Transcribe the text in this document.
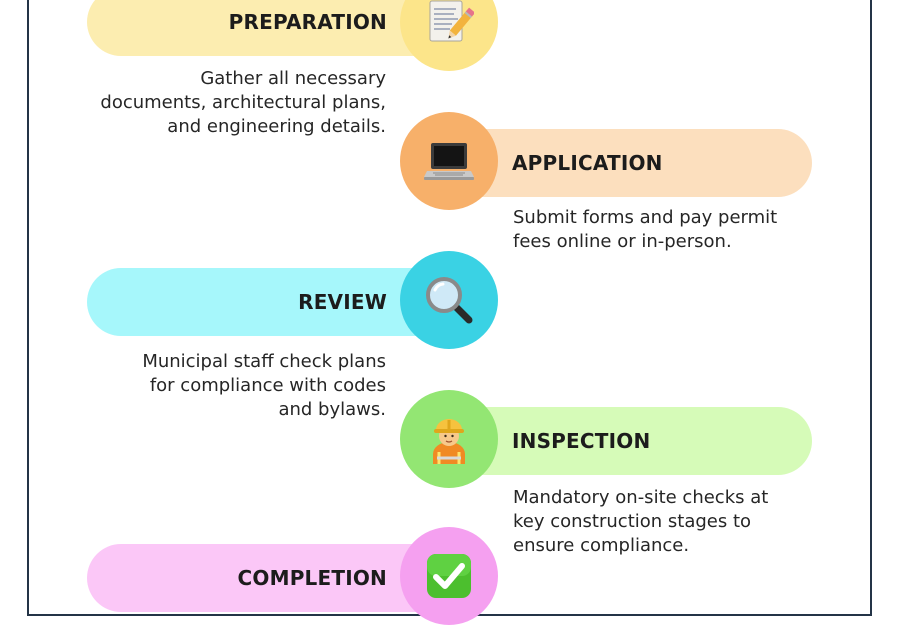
PREPARATION

Gather all necessary
documents, architectural plans,
and engineering details.

APPLICATION

Submit forms and pay permit
fees online or in-person.

REVIEW

Municipal staff check plans
for compliance with codes
and bylaws.

INSPECTION

Mandatory on-site checks at
key construction stages to
ensure compliance.

COMPLETION
